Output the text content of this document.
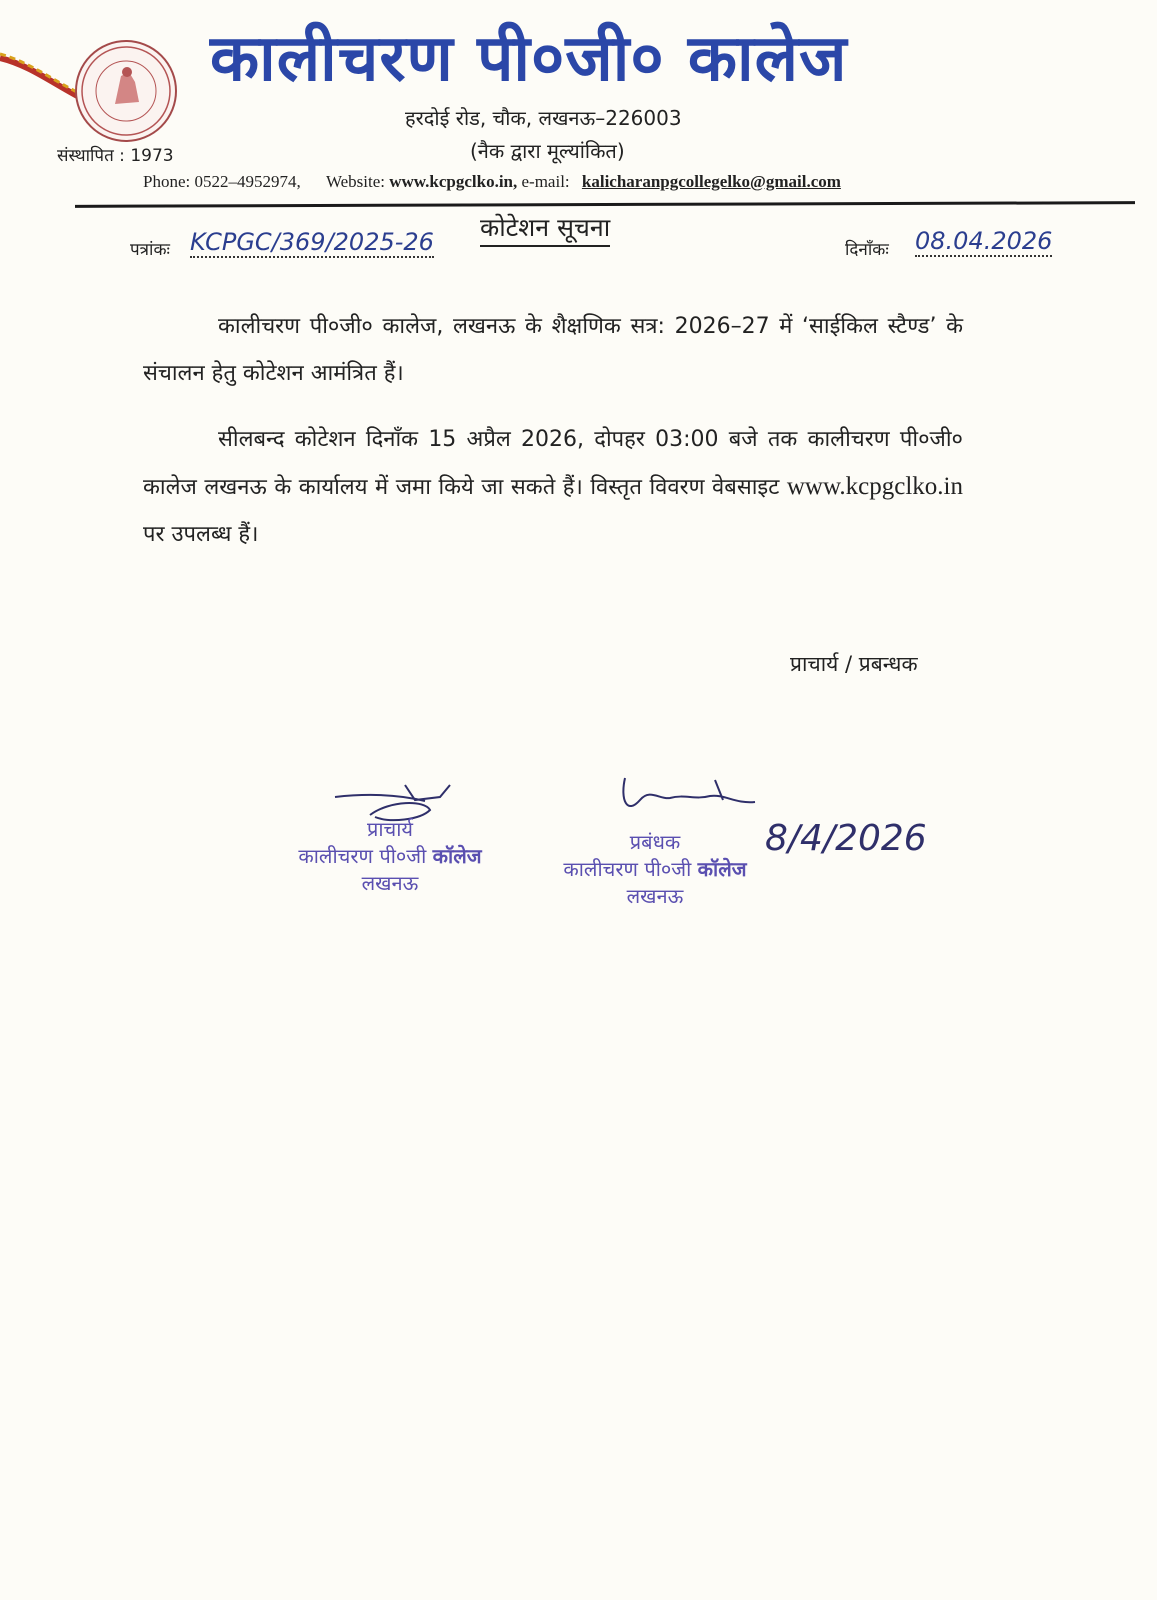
कालीचरण पी०जी० कालेज
हरदोई रोड, चौक, लखनऊ–226003
(नैक द्वारा मूल्यांकित)
संस्थापित : 1973
Phone: 0522–4952974, Website: www.kcpgclko.in, e-mail: kalicharanpgcollegelko@gmail.com
कोटेशन सूचना
पत्रांकः KCPGC/369/2025-26	दिनाँकः 08.04.2026
कालीचरण पी०जी० कालेज, लखनऊ के शैक्षणिक सत्र: 2026–27 में ‘साईकिल स्टैण्ड’ के संचालन हेतु कोटेशन आमंत्रित हैं।
सीलबन्द कोटेशन दिनाँक 15 अप्रैल 2026, दोपहर 03:00 बजे तक कालीचरण पी०जी० कालेज लखनऊ के कार्यालय में जमा किये जा सकते हैं। विस्तृत विवरण वेबसाइट www.kcpgclko.in पर उपलब्ध हैं।
प्राचार्य / प्रबन्धक
प्राचार्य
कालीचरण पी०जी कॉलेज
लखनऊ
प्रबंधक
कालीचरण पी०जी कॉलेज
लखनऊ
8/4/2026
